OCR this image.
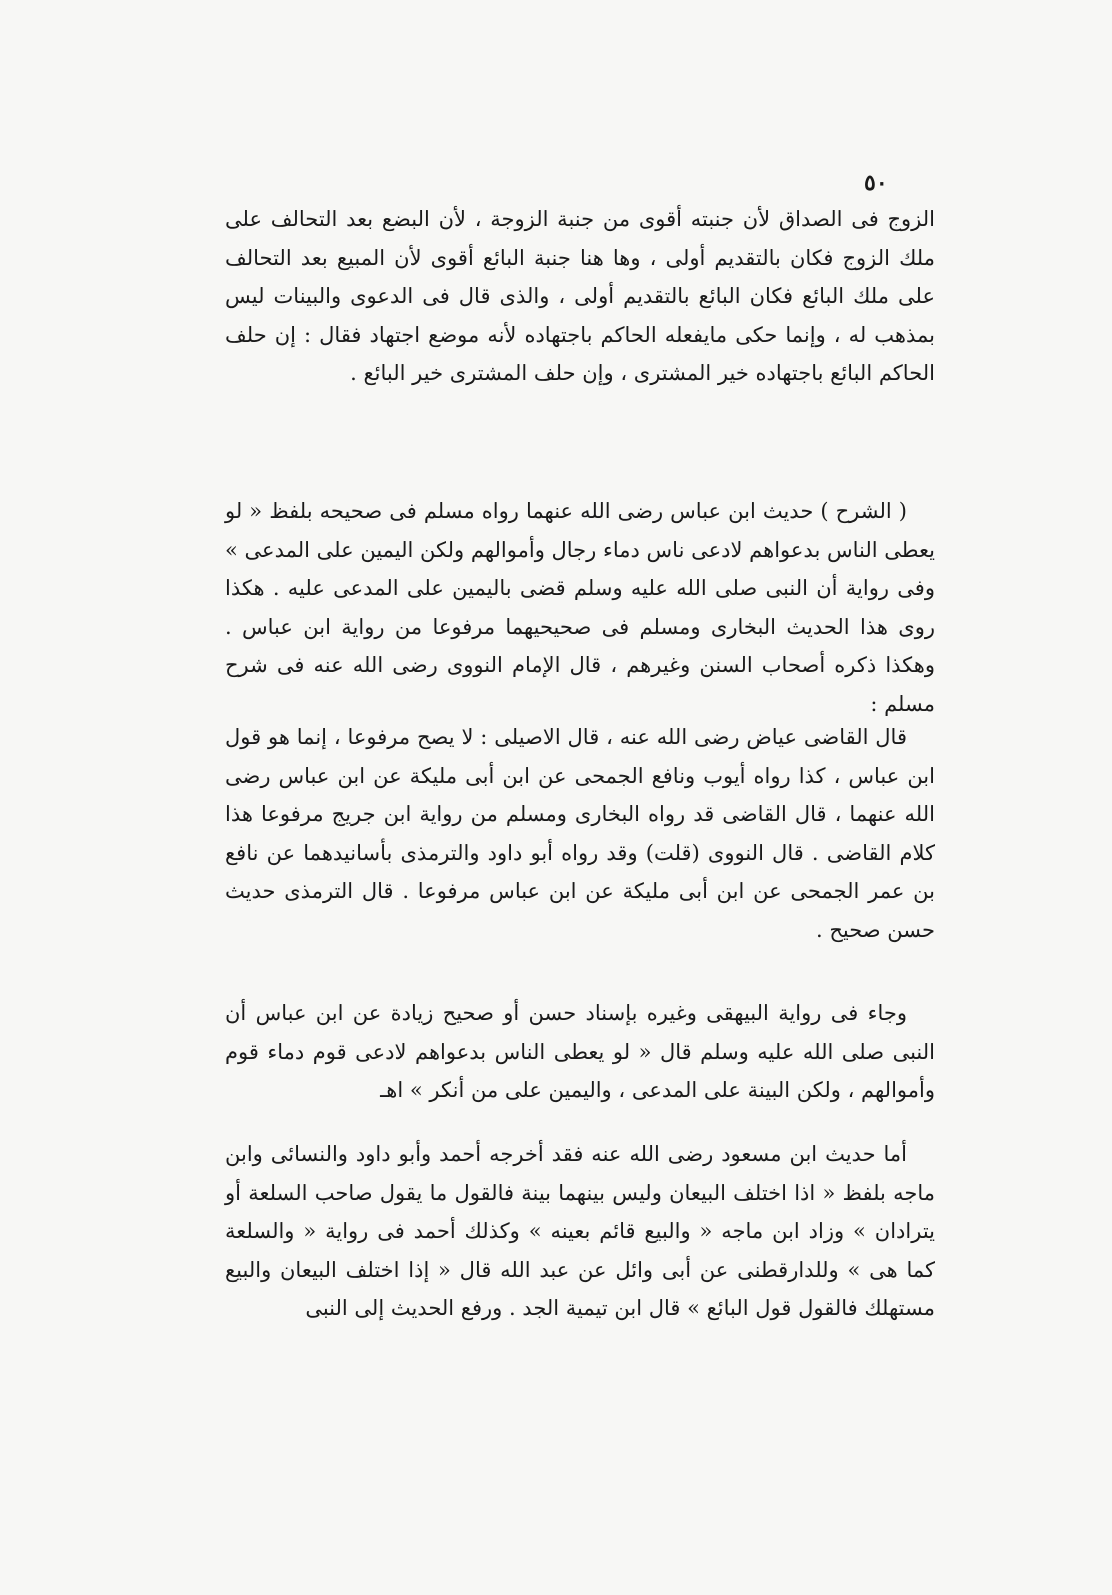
٥٠

الزوج فى الصداق لأن جنبته أقوى من جنبة الزوجة ، لأن البضع بعد التحالف على ملك الزوج فكان بالتقديم أولى ، وها هنا جنبة البائع أقوى لأن المبيع بعد التحالف على ملك البائع فكان البائع بالتقديم أولى ، والذى قال فى الدعوى والبينات ليس بمذهب له ، وإنما حكى مايفعله الحاكم باجتهاده لأنه موضع اجتهاد فقال : إن حلف الحاكم البائع باجتهاده خير المشترى ، وإن حلف المشترى خير البائع .

( الشرح ) حديث ابن عباس رضى الله عنهما رواه مسلم فى صحيحه بلفظ « لو يعطى الناس بدعواهم لادعى ناس دماء رجال وأموالهم ولكن اليمين على المدعى » وفى رواية أن النبى صلى الله عليه وسلم قضى باليمين على المدعى عليه . هكذا روى هذا الحديث البخارى ومسلم فى صحيحيهما مرفوعا من رواية ابن عباس . وهكذا ذكره أصحاب السنن وغيرهم ، قال الإمام النووى رضى الله عنه فى شرح مسلم :

قال القاضى عياض رضى الله عنه ، قال الاصيلى : لا يصح مرفوعا ، إنما هو قول ابن عباس ، كذا رواه أيوب ونافع الجمحى عن ابن أبى مليكة عن ابن عباس رضى الله عنهما ، قال القاضى قد رواه البخارى ومسلم من رواية ابن جريج مرفوعا هذا كلام القاضى . قال النووى (قلت) وقد رواه أبو داود والترمذى بأسانيدهما عن نافع بن عمر الجمحى عن ابن أبى مليكة عن ابن عباس مرفوعا . قال الترمذى حديث حسن صحيح .

وجاء فى رواية البيهقى وغيره بإسناد حسن أو صحيح زيادة عن ابن عباس أن النبى صلى الله عليه وسلم قال « لو يعطى الناس بدعواهم لادعى قوم دماء قوم وأموالهم ، ولكن البينة على المدعى ، واليمين على من أنكر » اهـ

أما حديث ابن مسعود رضى الله عنه فقد أخرجه أحمد وأبو داود والنسائى وابن ماجه بلفظ « اذا اختلف البيعان وليس بينهما بينة فالقول ما يقول صاحب السلعة أو يترادان » وزاد ابن ماجه « والبيع قائم بعينه » وكذلك أحمد فى رواية « والسلعة كما هى » وللدارقطنى عن أبى وائل عن عبد الله قال « إذا اختلف البيعان والبيع مستهلك فالقول قول البائع » قال ابن تيمية الجد . ورفع الحديث إلى النبى
